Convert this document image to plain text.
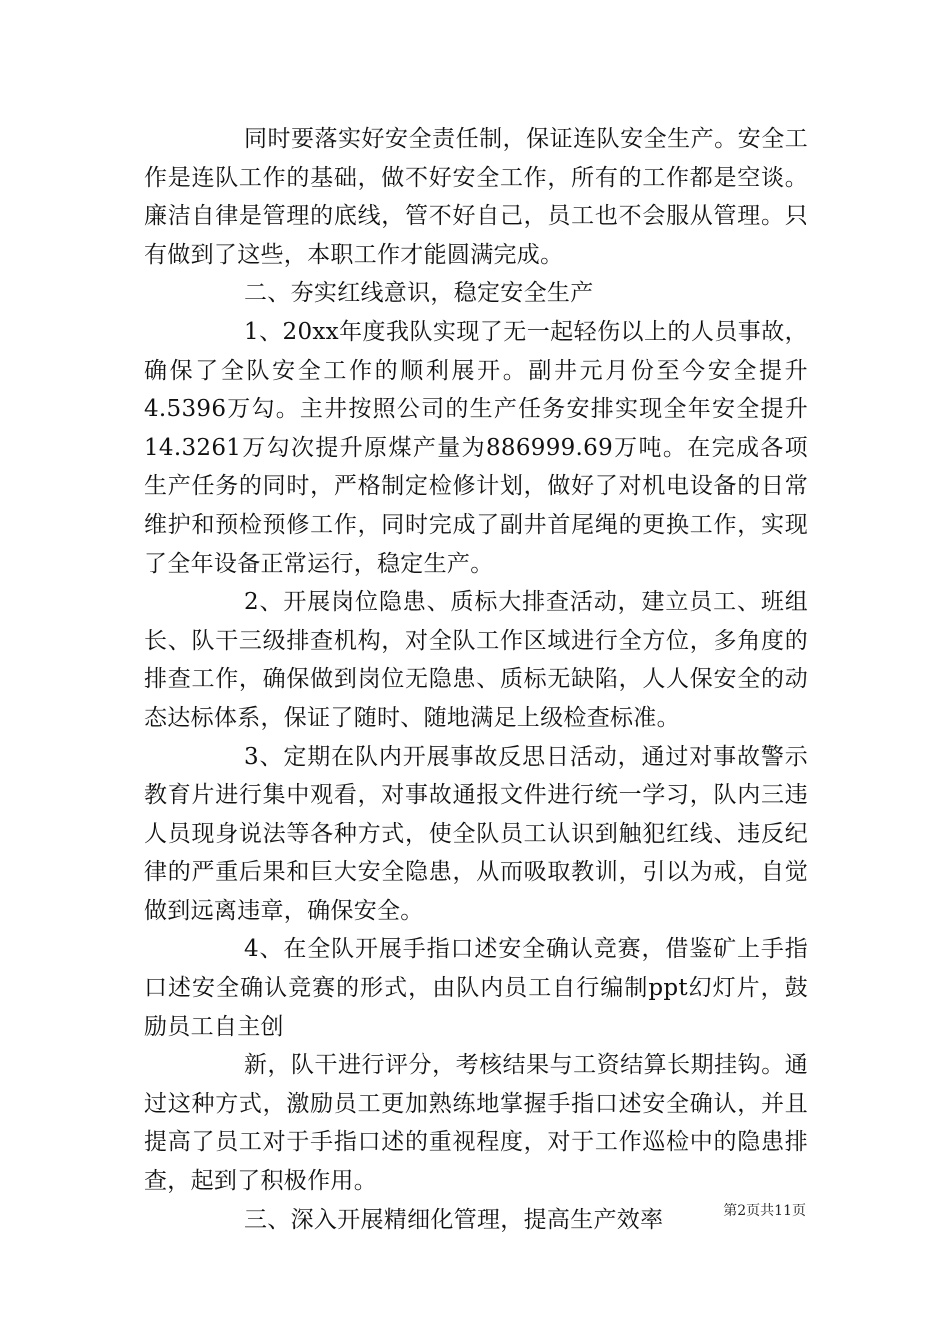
同时要落实好安全责任制，保证连队安全生产。安全工作是连队工作的基础，做不好安全工作，所有的工作都是空谈。廉洁自律是管理的底线，管不好自己，员工也不会服从管理。只有做到了这些，本职工作才能圆满完成。

二、夯实红线意识，稳定安全生产

1、20xx年度我队实现了无一起轻伤以上的人员事故，确保了全队安全工作的顺利展开。副井元月份至今安全提升4.5396万勾。主井按照公司的生产任务安排实现全年安全提升14.3261万勾次提升原煤产量为886999.69万吨。在完成各项生产任务的同时，严格制定检修计划，做好了对机电设备的日常维护和预检预修工作，同时完成了副井首尾绳的更换工作，实现了全年设备正常运行，稳定生产。

2、开展岗位隐患、质标大排查活动，建立员工、班组长、队干三级排查机构，对全队工作区域进行全方位，多角度的排查工作，确保做到岗位无隐患、质标无缺陷，人人保安全的动态达标体系，保证了随时、随地满足上级检查标准。

3、定期在队内开展事故反思日活动，通过对事故警示教育片进行集中观看，对事故通报文件进行统一学习，队内三违人员现身说法等各种方式，使全队员工认识到触犯红线、违反纪律的严重后果和巨大安全隐患，从而吸取教训，引以为戒，自觉做到远离违章，确保安全。

4、在全队开展手指口述安全确认竞赛，借鉴矿上手指口述安全确认竞赛的形式，由队内员工自行编制ppt幻灯片，鼓励员工自主创

新，队干进行评分，考核结果与工资结算长期挂钩。通过这种方式，激励员工更加熟练地掌握手指口述安全确认，并且提高了员工对于手指口述的重视程度，对于工作巡检中的隐患排查，起到了积极作用。

三、深入开展精细化管理，提高生产效率	第2页共11页
